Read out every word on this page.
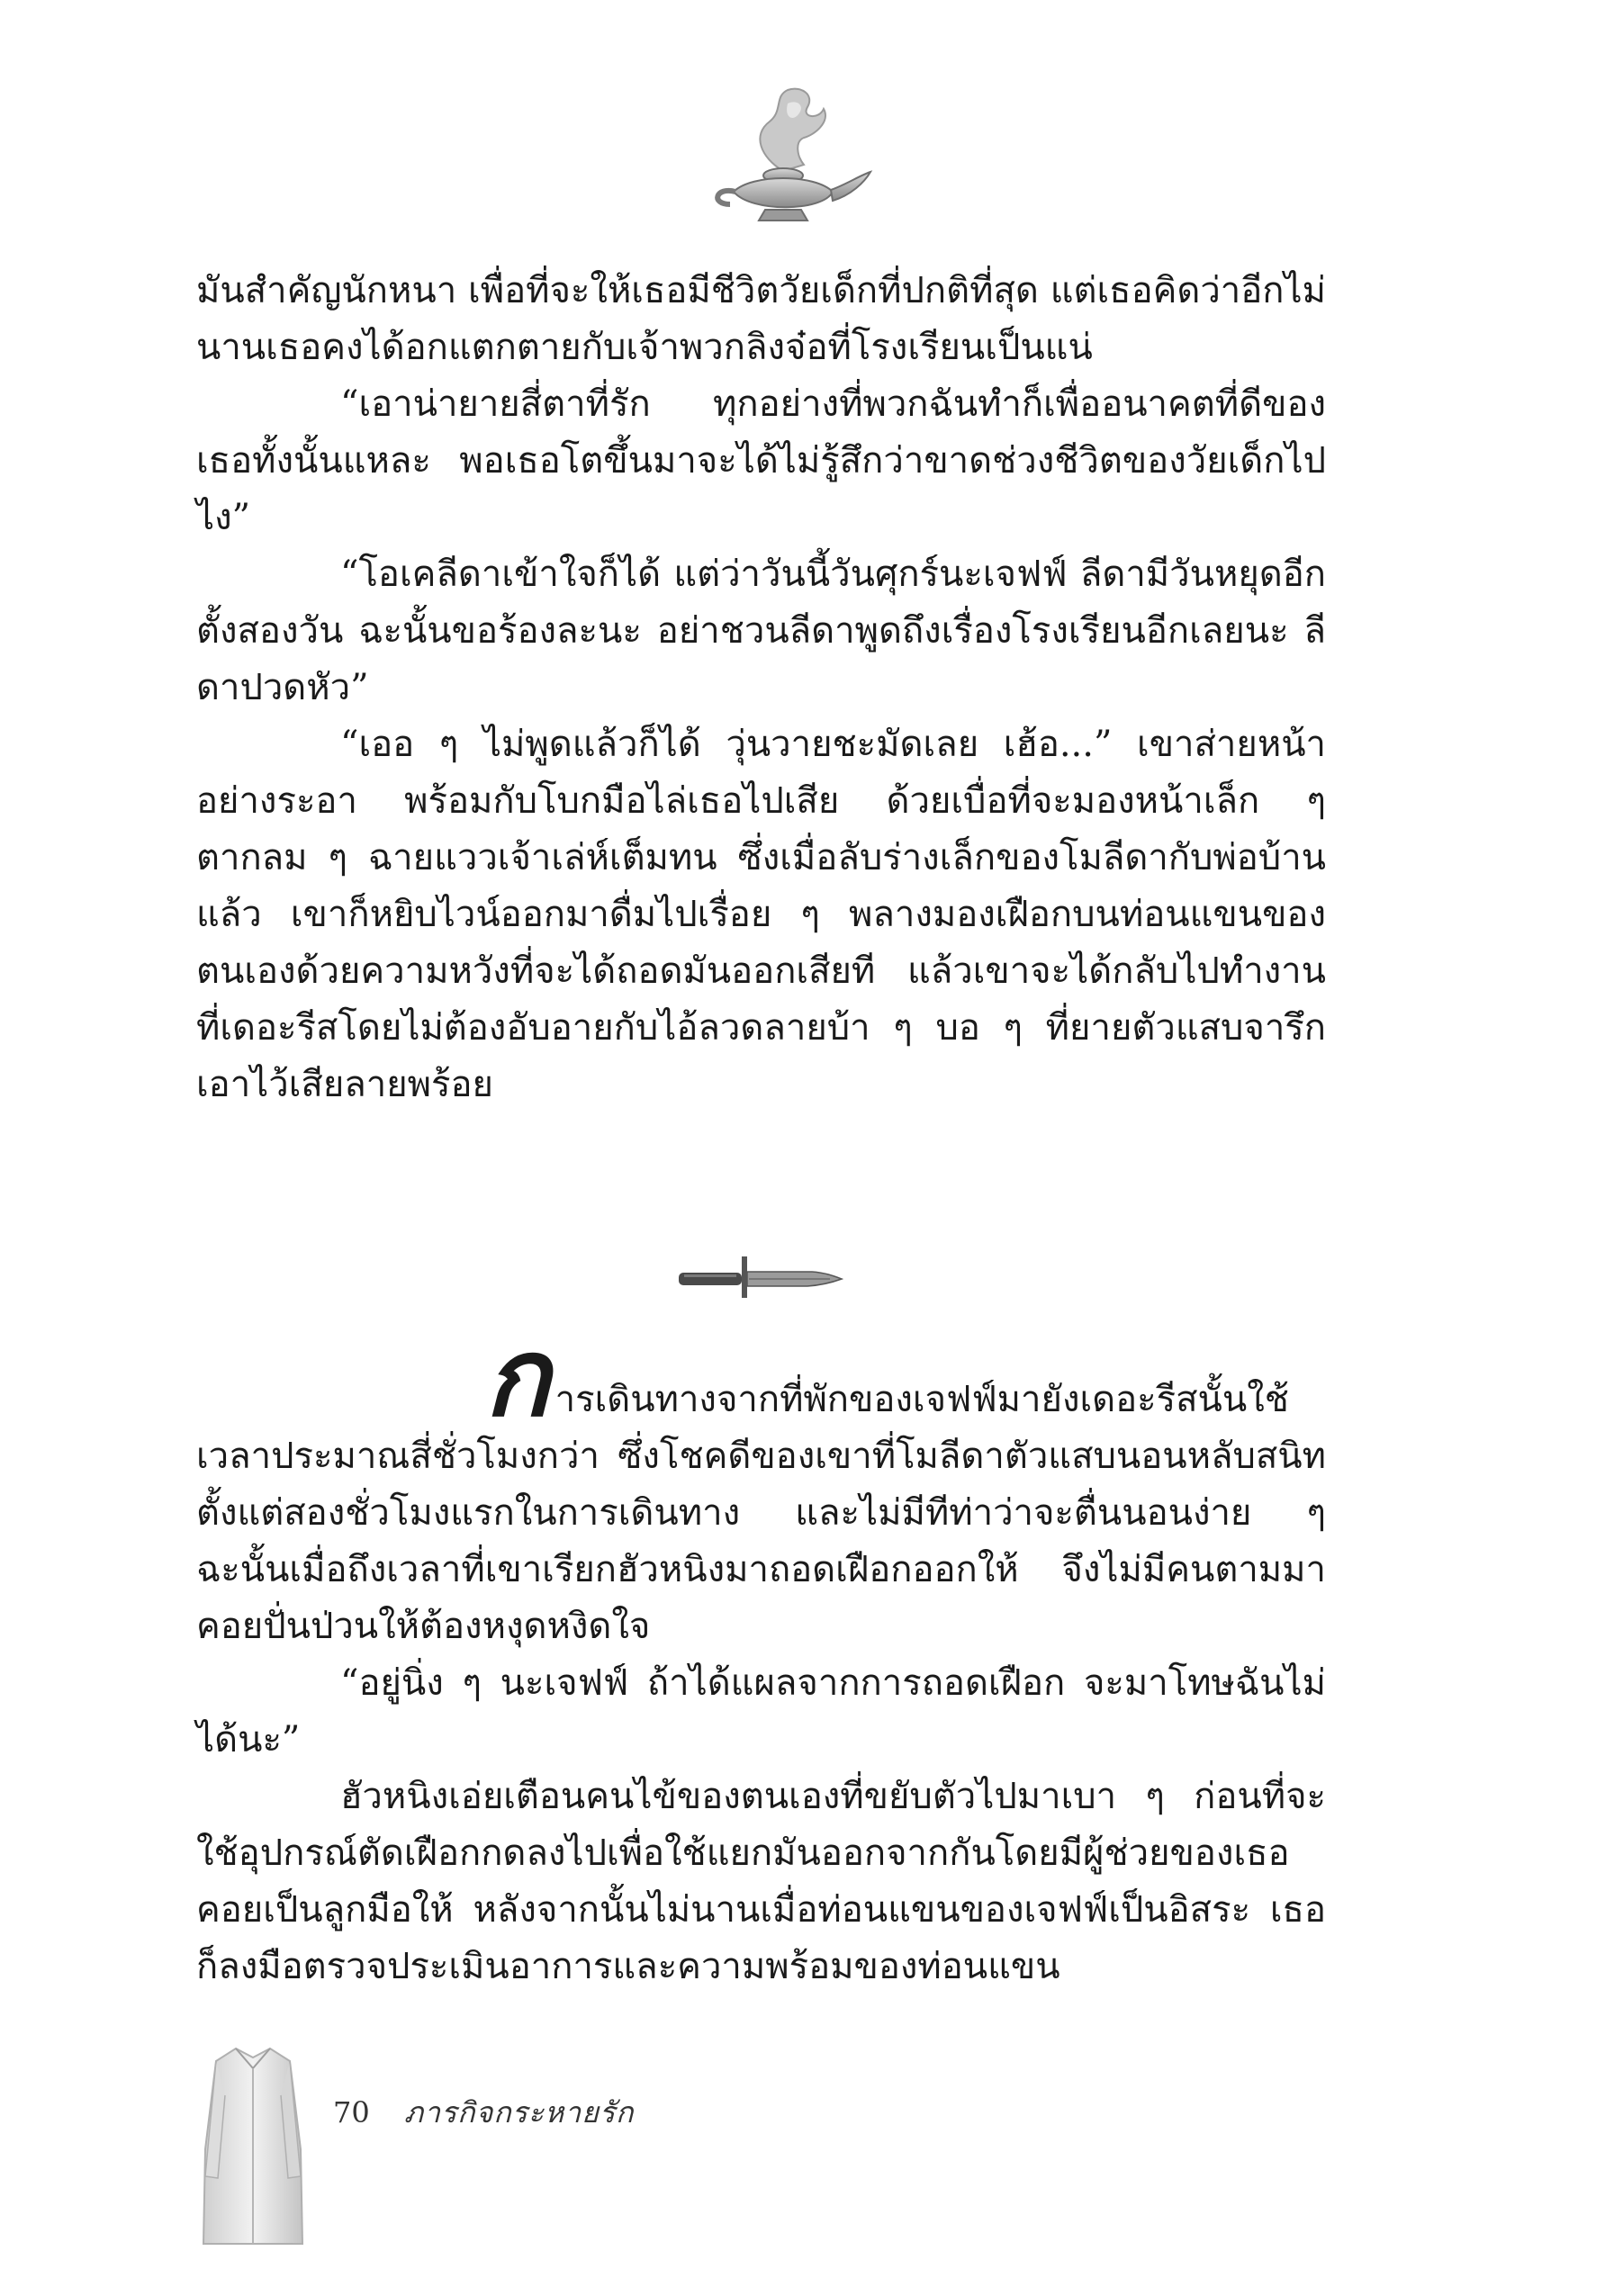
มันสำคัญนักหนา เพื่อที่จะให้เธอมีชีวิตวัยเด็กที่ปกติที่สุด แต่เธอคิดว่าอีกไม่นานเธอคงได้อกแตกตายกับเจ้าพวกลิงจ๋อที่โรงเรียนเป็นแน่

“เอาน่ายายสี่ตาที่รัก ทุกอย่างที่พวกฉันทำก็เพื่ออนาคตที่ดีของเธอทั้งนั้นแหละ พอเธอโตขึ้นมาจะได้ไม่รู้สึกว่าขาดช่วงชีวิตของวัยเด็กไปไง”

“โอเคลีดาเข้าใจก็ได้ แต่ว่าวันนี้วันศุกร์นะเจฟฟ์ ลีดามีวันหยุดอีกตั้งสองวัน ฉะนั้นขอร้องละนะ อย่าชวนลีดาพูดถึงเรื่องโรงเรียนอีกเลยนะ ลีดาปวดหัว”

“เออ ๆ ไม่พูดแล้วก็ได้ วุ่นวายชะมัดเลย เฮ้อ...” เขาส่ายหน้าอย่างระอา พร้อมกับโบกมือไล่เธอไปเสีย ด้วยเบื่อที่จะมองหน้าเล็ก ๆ ตากลม ๆ ฉายแววเจ้าเล่ห์เต็มทน ซึ่งเมื่อลับร่างเล็กของโมลีดากับพ่อบ้านแล้ว เขาก็หยิบไวน์ออกมาดื่มไปเรื่อย ๆ พลางมองเฝือกบนท่อนแขนของตนเองด้วยความหวังที่จะได้ถอดมันออกเสียที แล้วเขาจะได้กลับไปทำงานที่เดอะรีสโดยไม่ต้องอับอายกับไอ้ลวดลายบ้า ๆ บอ ๆ ที่ยายตัวแสบจารึกเอาไว้เสียลายพร้อย

การเดินทางจากที่พักของเจฟฟ์มายังเดอะรีสนั้นใช้เวลาประมาณสี่ชั่วโมงกว่า ซึ่งโชคดีของเขาที่โมลีดาตัวแสบนอนหลับสนิทตั้งแต่สองชั่วโมงแรกในการเดินทาง และไม่มีทีท่าว่าจะตื่นนอนง่าย ๆ ฉะนั้นเมื่อถึงเวลาที่เขาเรียกฮัวหนิงมาถอดเฝือกออกให้ จึงไม่มีคนตามมาคอยปั่นป่วนให้ต้องหงุดหงิดใจ

“อยู่นิ่ง ๆ นะเจฟฟ์ ถ้าได้แผลจากการถอดเฝือก จะมาโทษฉันไม่ได้นะ”

ฮัวหนิงเอ่ยเตือนคนไข้ของตนเองที่ขยับตัวไปมาเบา ๆ ก่อนที่จะใช้อุปกรณ์ตัดเฝือกกดลงไปเพื่อใช้แยกมันออกจากกันโดยมีผู้ช่วยของเธอคอยเป็นลูกมือให้ หลังจากนั้นไม่นานเมื่อท่อนแขนของเจฟฟ์เป็นอิสระ เธอก็ลงมือตรวจประเมินอาการและความพร้อมของท่อนแขน

70 ภารกิจกระหายรัก
